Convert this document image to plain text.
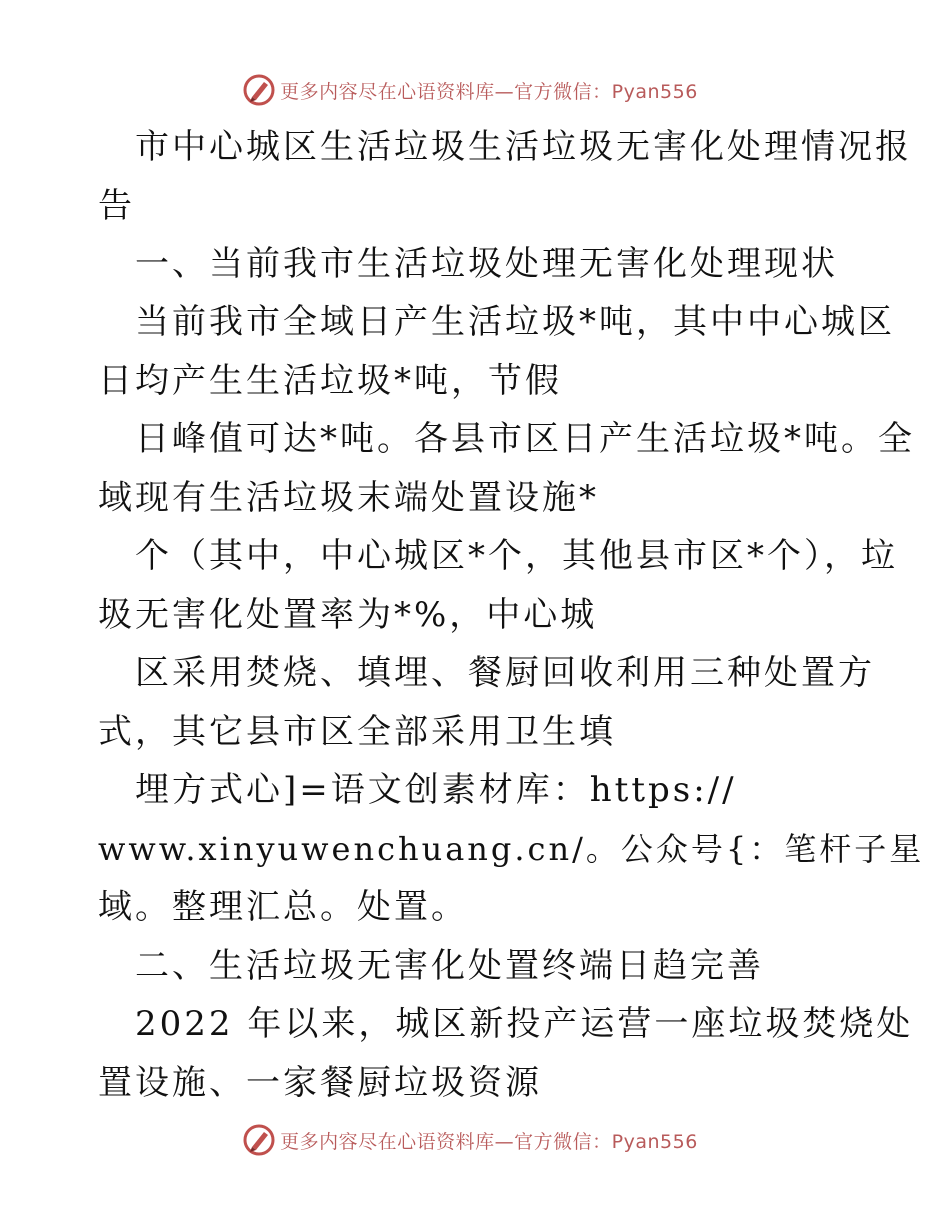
更多内容尽在心语资料库—官方微信：Pyan556
市中心城区生活垃圾生活垃圾无害化处理情况报
告
一、当前我市生活垃圾处理无害化处理现状
当前我市全域日产生活垃圾*吨，其中中心城区
日均产生生活垃圾*吨，节假
日峰值可达*吨。各县市区日产生活垃圾*吨。全
域现有生活垃圾末端处置设施*
个（其中，中心城区*个，其他县市区*个），垃
圾无害化处置率为*%，中心城
区采用焚烧、填埋、餐厨回收利用三种处置方
式，其它县市区全部采用卫生填
埋方式心]=语文创素材库：https://
www.xinyuwenchuang.cn/。公众号{：笔杆子星
域。整理汇总。处置。
二、生活垃圾无害化处置终端日趋完善
2022 年以来，城区新投产运营一座垃圾焚烧处
置设施、一家餐厨垃圾资源
更多内容尽在心语资料库—官方微信：Pyan556
